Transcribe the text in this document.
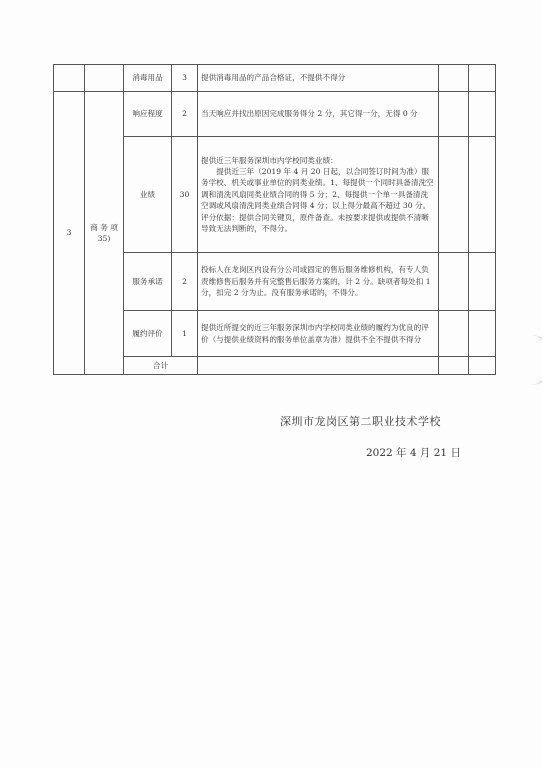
		消毒用品	3	提供消毒用品的产品合格证，不提供不得分			
3	商 务 项35)	响应程度	2	当天响应并找出原因完成服务得分 2 分，其它得一分，无得 0 分			
		业绩	30	提供近三年服务深圳市内学校同类业绩：
提供近三年（2019 年 4 月 20 日起，以合同签订时间为准）服务学校、机关或事业单位的同类业绩。1、每提供一个同时具备清洗空调和清洗风扇同类业绩合同的得 5 分；2、每提供一个单一具备清洗空调或风扇清洗同类业绩合同得 4 分；以上得分最高不超过 30 分。
评分依据：提供合同关键页，原件备查。未按要求提供或提供不清晰导致无法判断的，不得分。			

		服务承诺	2	投标人在龙岗区内设有分公司或固定的售后服务维修机构，有专人负责维修售后服务并有完整售后服务方案的，计 2 分。缺项者每处扣 1 分，扣完 2 分为止。没有服务承诺的，不得分。			
		履约评价	1	提供近所提交的近三年服务深圳市内学校同类业绩的履约为优良的评价（与提供业绩资料的服务单位盖章为准）提供不全不提供不得分			
		合计					
深圳市龙岗区第二职业技术学校
2022 年 4 月 21 日
